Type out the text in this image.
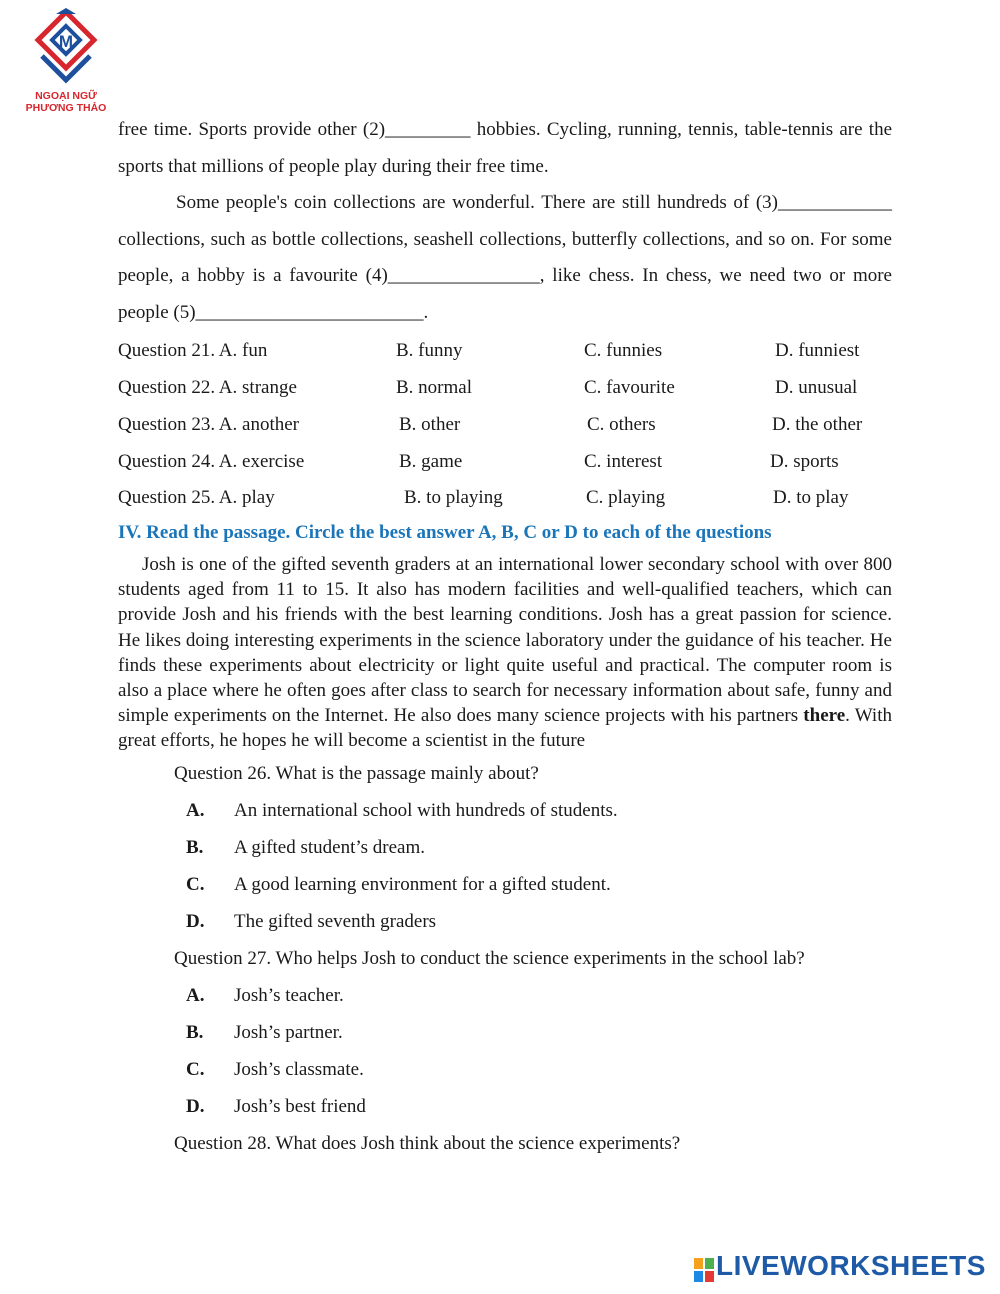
M
NGOẠI NGỮ
PHƯƠNG THẢO

free time. Sports provide other (2)_________ hobbies. Cycling, running, tennis, table-tennis are the sports that millions of people play during their free time.

Some people's coin collections are wonderful. There are still hundreds of (3)____________ collections, such as bottle collections, seashell collections, butterfly collections, and so on. For some people, a hobby is a favourite (4)________________, like chess. In chess, we need two or more people (5)________________________.

Question 21. A. fun	B. funny	C. funnies	D. funniest
Question 22. A. strange	B. normal	C. favourite	D. unusual
Question 23. A. another	B. other	C. others	D. the other
Question 24. A. exercise	B. game	C. interest	D. sports
Question 25. A. play	B. to playing	C. playing	D. to play
IV. Read the passage. Circle the best answer A, B, C or D to each of the questions

Josh is one of the gifted seventh graders at an international lower secondary school with over 800 students aged from 11 to 15. It also has modern facilities and well-qualified teachers, which can provide Josh and his friends with the best learning conditions. Josh has a great passion for science. He likes doing interesting experiments in the science laboratory under the guidance of his teacher. He finds these experiments about electricity or light quite useful and practical. The computer room is also a place where he often goes after class to search for necessary information about safe, funny and simple experiments on the Internet. He also does many science projects with his partners there. With great efforts, he hopes he will become a scientist in the future

Question 26. What is the passage mainly about?
A. An international school with hundreds of students.
B. A gifted student’s dream.
C. A good learning environment for a gifted student.
D. The gifted seventh graders
Question 27. Who helps Josh to conduct the science experiments in the school lab?
A. Josh’s teacher.
B. Josh’s partner.
C. Josh’s classmate.
D. Josh’s best friend
Question 28. What does Josh think about the science experiments?
LIVEWORKSHEETS
